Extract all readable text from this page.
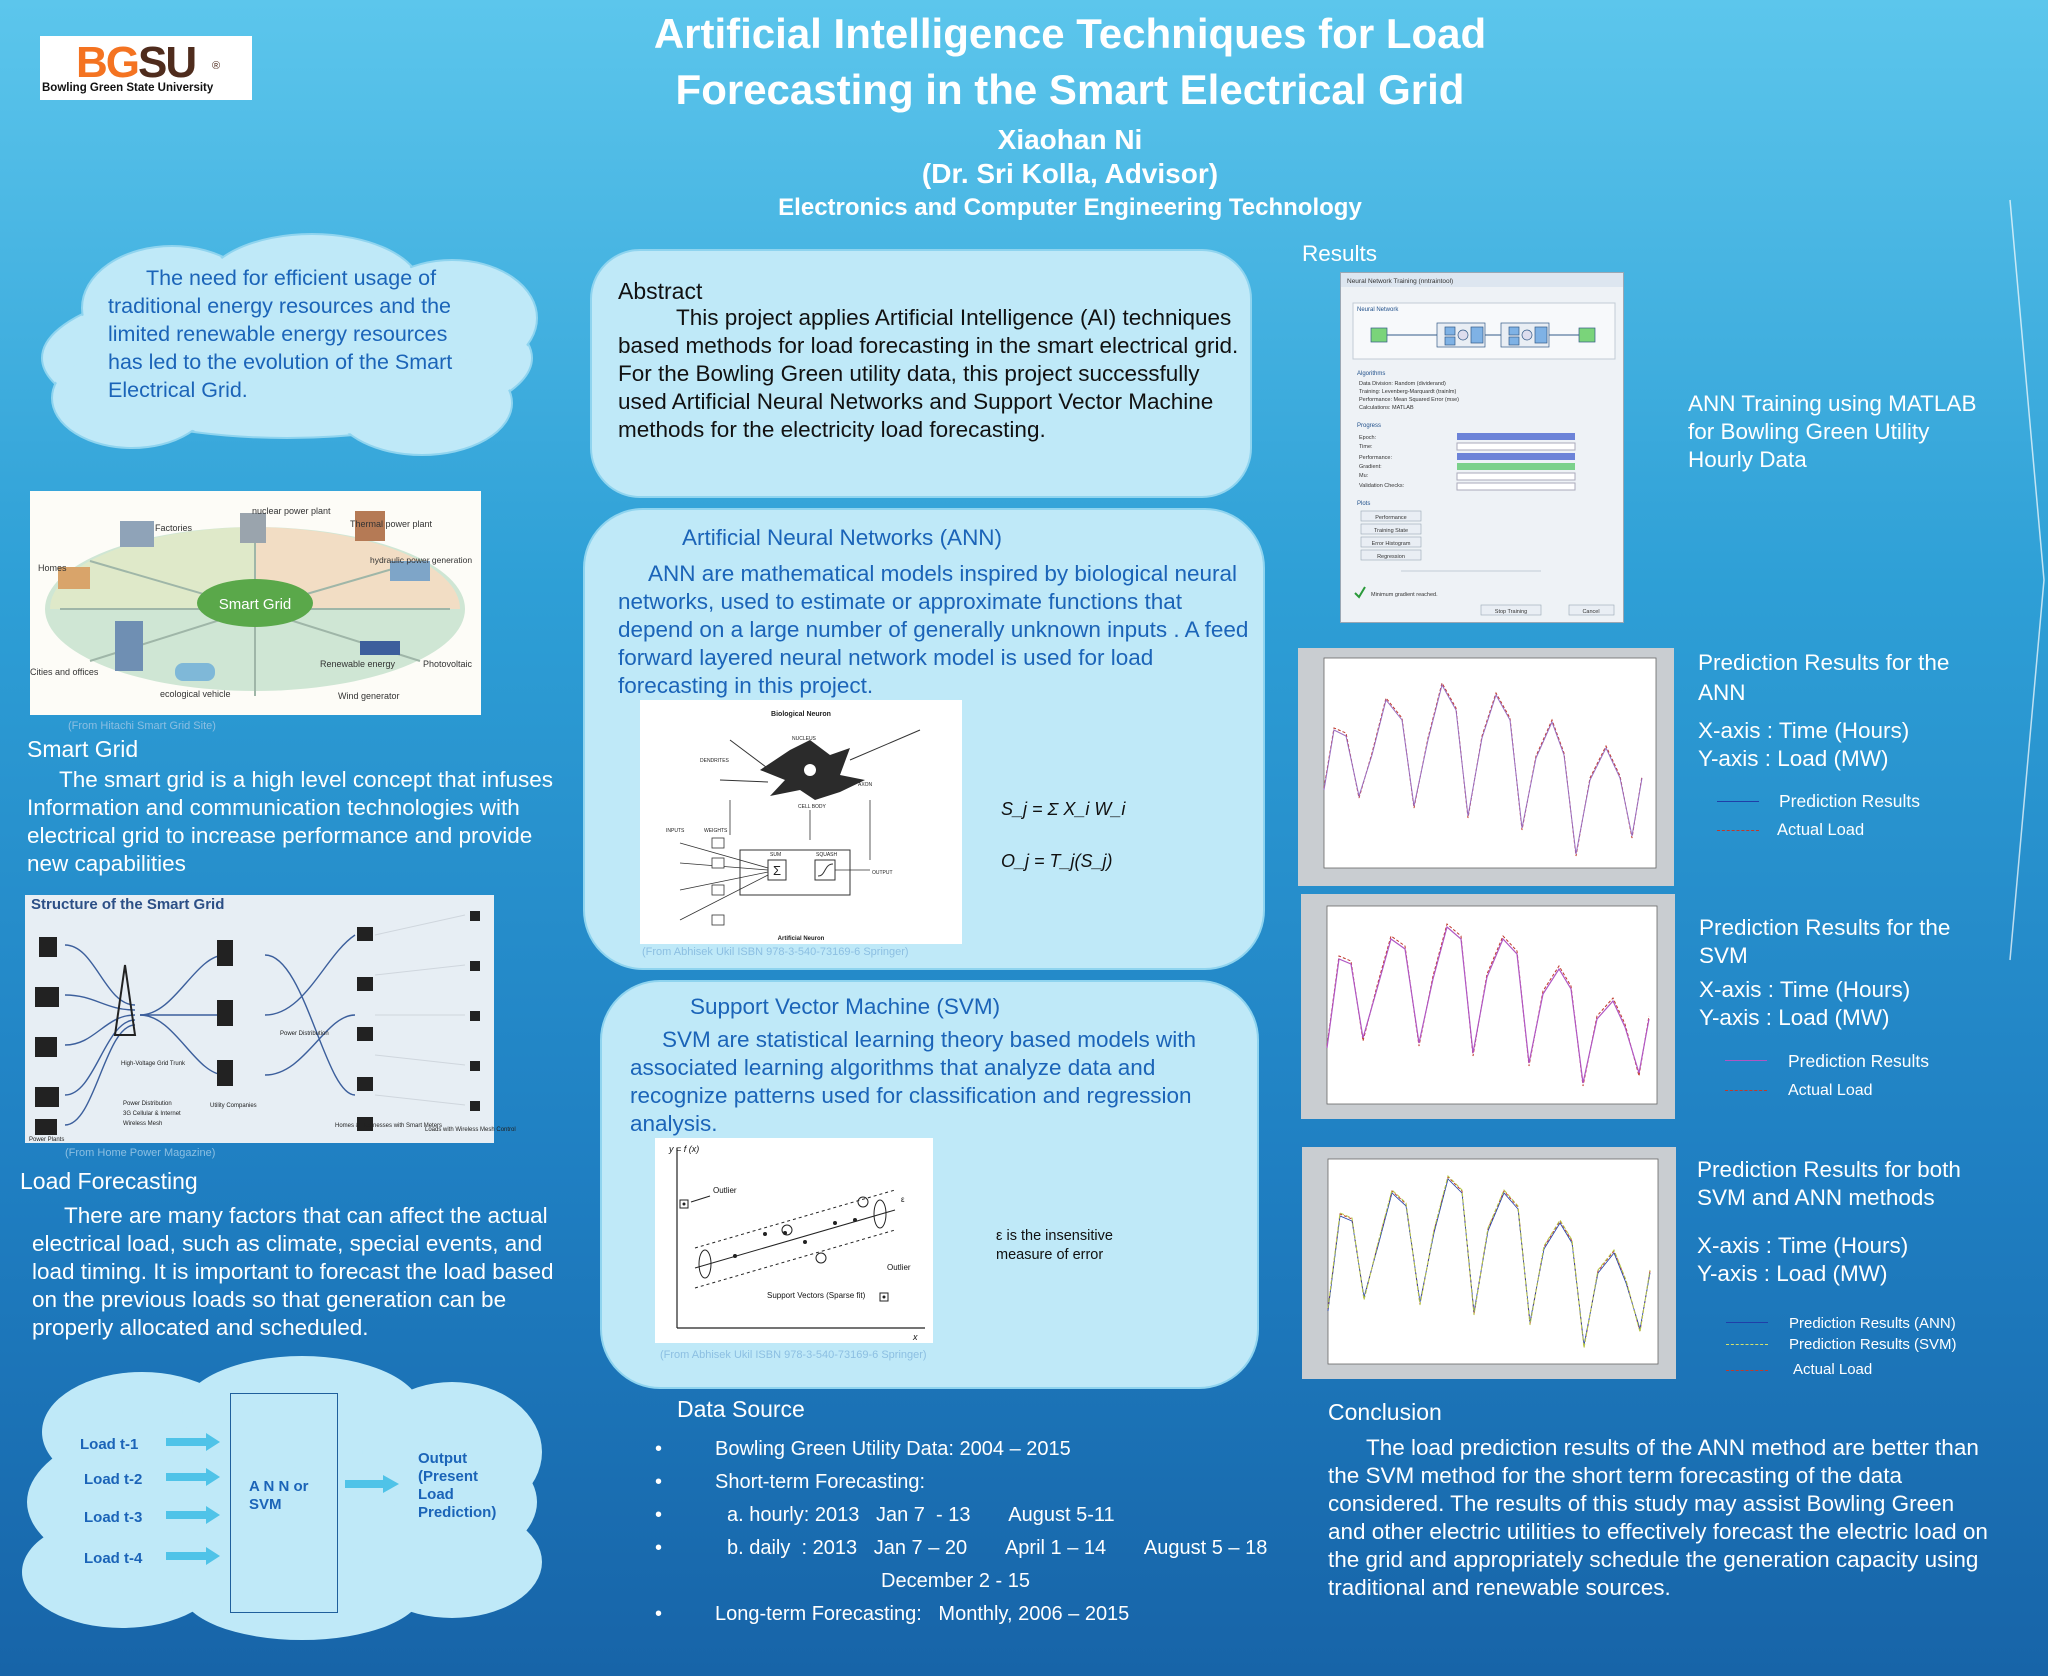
Artificial Intelligence Techniques for Load
Forecasting in the Smart Electrical Grid
Xiaohan Ni
(Dr. Sri Kolla, Advisor)
Electronics and Computer Engineering Technology
BGSU ®
Bowling Green State University
The need for efficient usage of traditional energy resources and the limited renewable energy resources has led to the evolution of the Smart Electrical Grid.
Smart Grid
Factories
nuclear power plant
Thermal power plant
Homes
hydraulic power generation
Cities and offices
Renewable energy	Photovoltaic
ecological vehicle	Wind generator
(From Hitachi Smart Grid Site)
Smart Grid
The smart grid is a high level concept that infuses Information and communication technologies with electrical grid to increase performance and provide new capabilities
Structure of the Smart Grid
High-Voltage Grid Trunk
Power Distribution
Utility Companies
Homes & Businesses with Smart Meters
Loads with Wireless Mesh Control
Power Plants
Power Distribution
3G Cellular & Internet
Wireless Mesh
(From Home Power Magazine)
Load Forecasting
There are many factors that can affect the actual electrical load, such as climate, special events, and load timing. It is important to forecast the load based on the previous loads so that generation can be properly allocated and scheduled.
A N N or SVM
Load t-1
Load t-2
Load t-3
Load t-4
Output (Present Load Prediction)
Abstract
This project applies Artificial Intelligence (AI) techniques based methods for load forecasting in the smart electrical grid. For the Bowling Green utility data, this project successfully used Artificial Neural Networks and Support Vector Machine methods for the electricity load forecasting.
Artificial Neural Networks (ANN)
ANN are mathematical models inspired by biological neural networks, used to estimate or approximate functions that depend on a large number of generally unknown inputs . A feed forward layered neural network model is used for load forecasting in this project.
Biological Neuron
Σ
NUCLEUS
DENDRITES
AXON
CELL BODY
INPUTS	WEIGHTS
SUM	SQUASH
OUTPUT
Artificial Neuron
(From Abhisek Ukil ISBN 978-3-540-73169-6 Springer)
S_j = Σ X_i W_i
O_j = T_j(S_j)
Support Vector Machine (SVM)
SVM are statistical learning theory based models with associated learning algorithms that analyze data and recognize patterns used for classification and regression analysis.
y = f (x)
x
Outlier
Outlier
Support Vectors (Sparse fit)
ε
(From Abhisek Ukil ISBN 978-3-540-73169-6 Springer)
ε is the insensitive measure of error
Data Source
•	Bowling Green Utility Data: 2004 – 2015
•	Short-term Forecasting:
•	a. hourly: 2013   Jan 7  - 13       August 5-11
•	b. daily  : 2013   Jan 7 – 20       April 1 – 14       August 5 – 18
December 2 - 15
•	Long-term Forecasting:   Monthly, 2006 – 2015
Results
Neural Network Training (nntraintool)
Neural Network
Algorithms
Data Division: Random (dividerand)
Training: Levenberg-Marquardt (trainlm)
Performance: Mean Squared Error (mse)
Calculations: MATLAB
Progress
Epoch:
Time:
Performance:
Gradient:
Mu:
Validation Checks:
Plots
Performance
Training State
Error Histogram
Regression
Minimum gradient reached.
Stop Training	Cancel
ANN Training using MATLAB for Bowling Green Utility Hourly Data
Prediction Results for the ANN
X-axis : Time (Hours)
Y-axis : Load (MW)
Prediction Results
Actual Load
Prediction Results for the SVM
X-axis : Time (Hours)
Y-axis : Load (MW)
Prediction Results
Actual Load
Prediction Results for both SVM and ANN methods
X-axis : Time (Hours)
Y-axis : Load (MW)
Prediction Results (ANN)
Prediction Results (SVM)
Actual Load
Conclusion
The load prediction results of the ANN method are better than the SVM method for the short term forecasting of the data considered. The results of this study may assist Bowling Green and other electric utilities to effectively forecast the electric load on the grid and appropriately schedule the generation capacity using traditional and renewable sources.
